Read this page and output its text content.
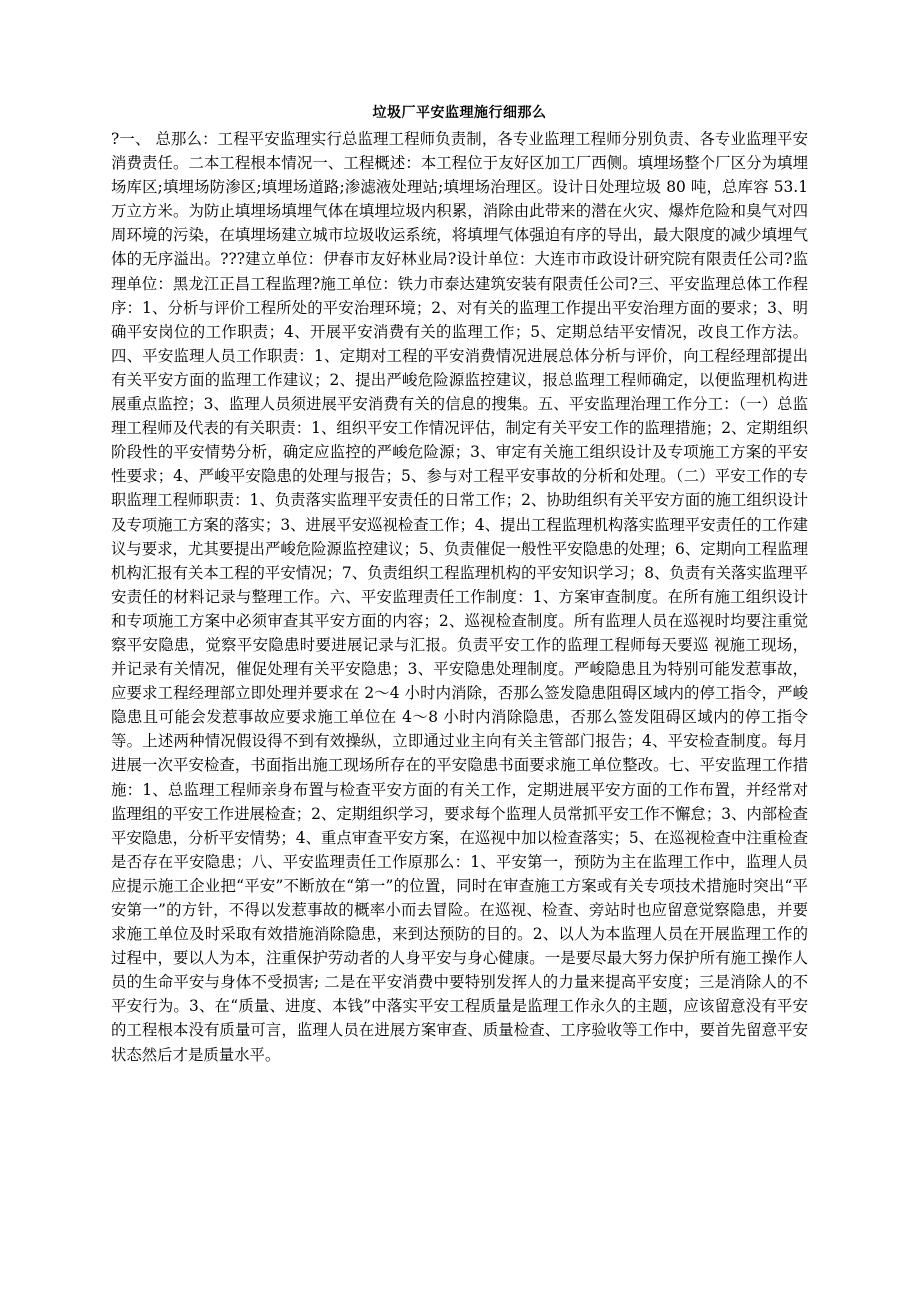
垃圾厂平安监理施行细那么

?一、 总那么：工程平安监理实行总监理工程师负责制，各专业监理工程师分别负责、各专业监理平安消费责任。二本工程根本情况一、工程概述：本工程位于友好区加工厂西侧。填埋场整个厂区分为填埋场库区;填埋场防渗区;填埋场道路;渗滤液处理站;填埋场治理区。设计日处理垃圾 80 吨，总库容 53.1 万立方米。为防止填埋场填埋气体在填埋垃圾内积累，消除由此带来的潜在火灾、爆炸危险和臭气对四周环境的污染，在填埋场建立城市垃圾收运系统，将填埋气体强迫有序的导出，最大限度的减少填埋气体的无序溢出。???建立单位：伊春市友好林业局?设计单位：大连市市政设计研究院有限责任公司?监理单位：黑龙江正昌工程监理?施工单位：铁力市泰达建筑安装有限责任公司?三、平安监理总体工作程序：1、分析与评价工程所处的平安治理环境；2、对有关的监理工作提出平安治理方面的要求；3、明确平安岗位的工作职责；4、开展平安消费有关的监理工作；5、定期总结平安情况，改良工作方法。四、平安监理人员工作职责：1、定期对工程的平安消费情况进展总体分析与评价，向工程经理部提出有关平安方面的监理工作建议；2、提出严峻危险源监控建议，报总监理工程师确定，以便监理机构进展重点监控；3、监理人员须进展平安消费有关的信息的搜集。五、平安监理治理工作分工：（一）总监理工程师及代表的有关职责：1、组织平安工作情况评估，制定有关平安工作的监理措施；2、定期组织阶段性的平安情势分析，确定应监控的严峻危险源；3、审定有关施工组织设计及专项施工方案的平安性要求；4、严峻平安隐患的处理与报告；5、参与对工程平安事故的分析和处理。（二）平安工作的专职监理工程师职责：1、负责落实监理平安责任的日常工作；2、协助组织有关平安方面的施工组织设计及专项施工方案的落实；3、进展平安巡视检查工作；4、提出工程监理机构落实监理平安责任的工作建议与要求，尤其要提出严峻危险源监控建议；5、负责催促一般性平安隐患的处理；6、定期向工程监理机构汇报有关本工程的平安情况；7、负责组织工程监理机构的平安知识学习；8、负责有关落实监理平安责任的材料记录与整理工作。六、平安监理责任工作制度：1、方案审查制度。在所有施工组织设计和专项施工方案中必须审查其平安方面的内容；2、巡视检查制度。所有监理人员在巡视时均要注重觉察平安隐患，觉察平安隐患时要进展记录与汇报。负责平安工作的监理工程师每天要巡 视施工现场，并记录有关情况，催促处理有关平安隐患；3、平安隐患处理制度。严峻隐患且为特别可能发惹事故，应要求工程经理部立即处理并要求在 2～4 小时内消除，否那么签发隐患阻碍区域内的停工指令，严峻隐患且可能会发惹事故应要求施工单位在 4～8 小时内消除隐患，否那么签发阻碍区域内的停工指令等。上述两种情况假设得不到有效操纵，立即通过业主向有关主管部门报告；4、平安检查制度。每月进展一次平安检查，书面指出施工现场所存在的平安隐患书面要求施工单位整改。七、平安监理工作措施：1、总监理工程师亲身布置与检查平安方面的有关工作，定期进展平安方面的工作布置，并经常对监理组的平安工作进展检查；2、定期组织学习，要求每个监理人员常抓平安工作不懈怠；3、内部检查平安隐患，分析平安情势；4、重点审查平安方案，在巡视中加以检查落实；5、在巡视检查中注重检查是否存在平安隐患；八、平安监理责任工作原那么：1、平安第一，预防为主在监理工作中，监理人员应提示施工企业把“平安”不断放在“第一”的位置，同时在审查施工方案或有关专项技术措施时突出“平安第一”的方针，不得以发惹事故的概率小而去冒险。在巡视、检查、旁站时也应留意觉察隐患，并要求施工单位及时采取有效措施消除隐患，来到达预防的目的。2、以人为本监理人员在开展监理工作的过程中，要以人为本，注重保护劳动者的人身平安与身心健康。一是要尽最大努力保护所有施工操作人员的生命平安与身体不受损害; 二是在平安消费中要特别发挥人的力量来提高平安度；三是消除人的不平安行为。3、在“质量、进度、本钱”中落实平安工程质量是监理工作永久的主题，应该留意没有平安的工程根本没有质量可言，监理人员在进展方案审查、质量检查、工序验收等工作中，要首先留意平安状态然后才是质量水平。
